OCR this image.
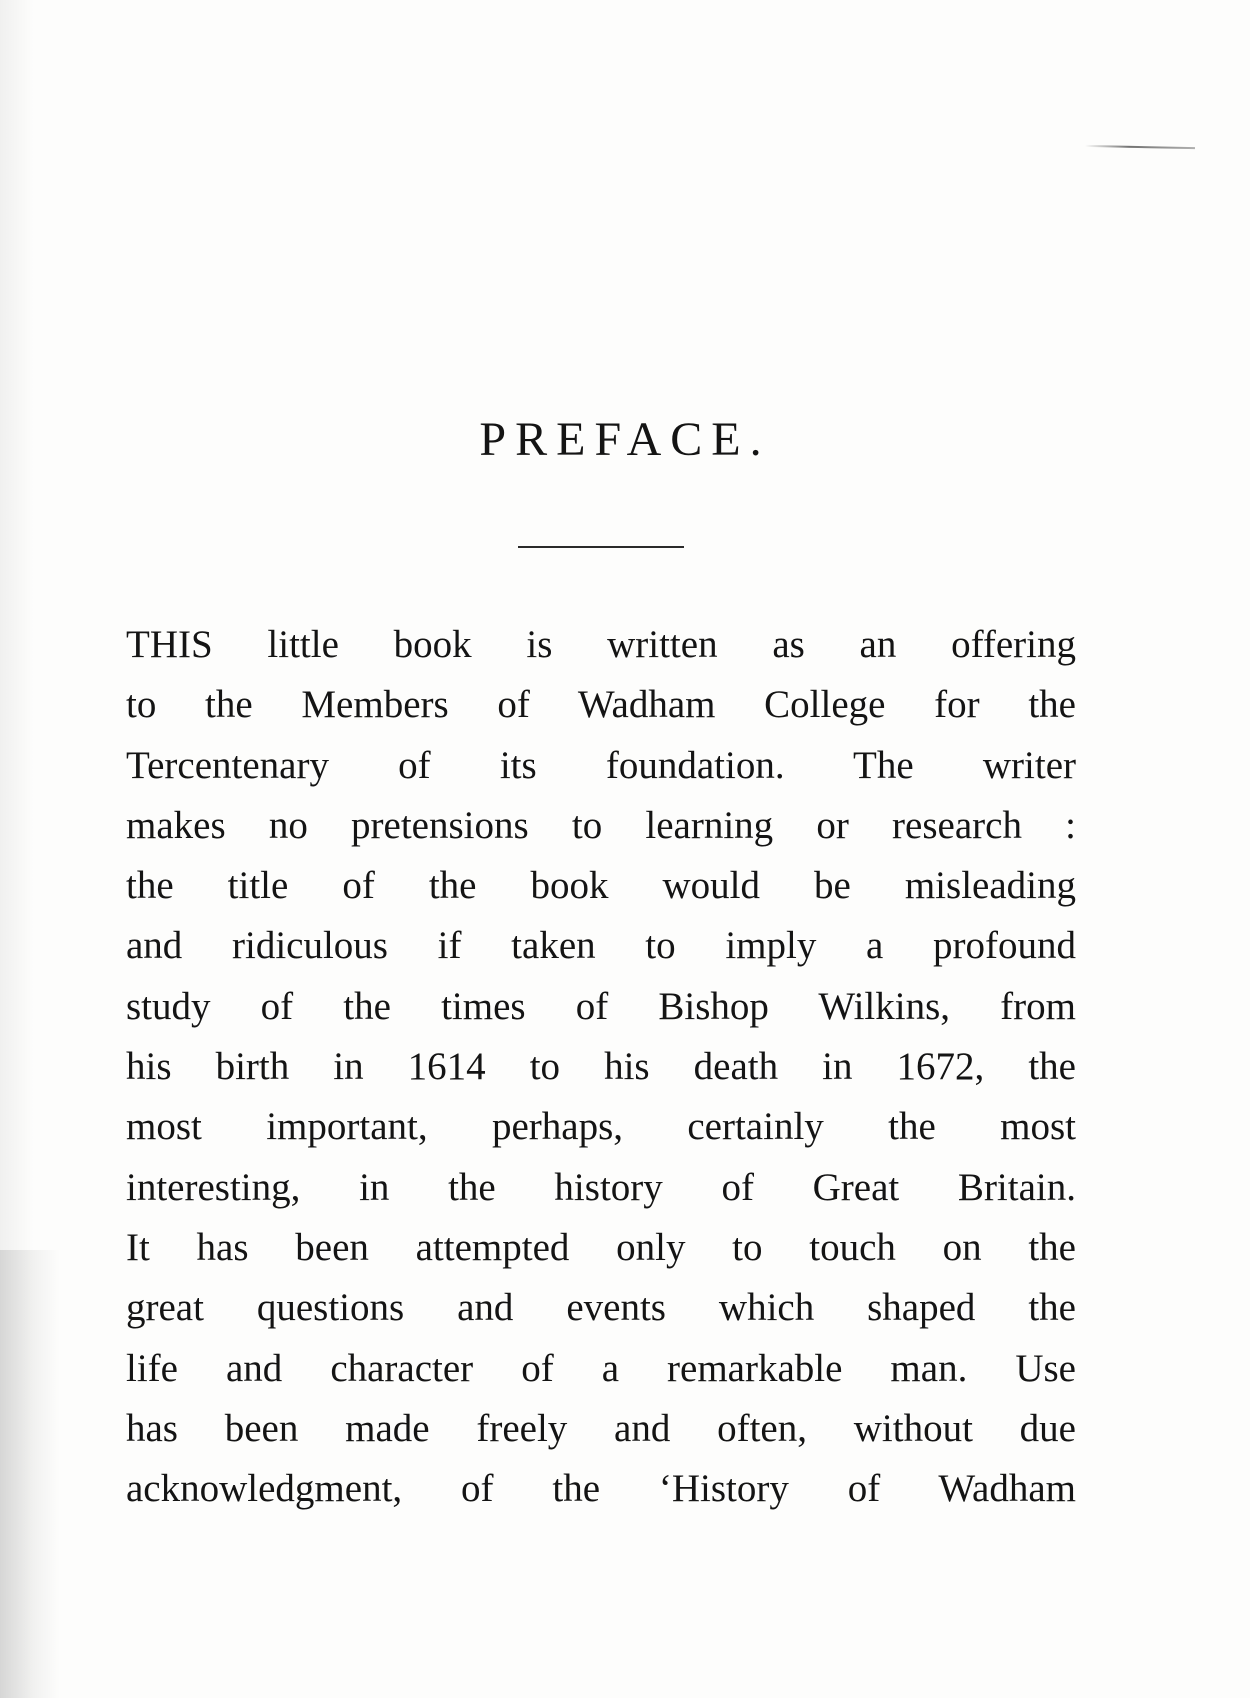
PREFACE.
THIS little book is written as an offering
to the Members of Wadham College for the
Tercentenary of its foundation. The writer
makes no pretensions to learning or research :
the title of the book would be misleading
and ridiculous if taken to imply a profound
study of the times of Bishop Wilkins, from
his birth in 1614 to his death in 1672, the
most important, perhaps, certainly the most
interesting, in the history of Great Britain.
It has been attempted only to touch on the
great questions and events which shaped the
life and character of a remarkable man. Use
has been made freely and often, without due
acknowledgment, of the ‘History of Wadham
